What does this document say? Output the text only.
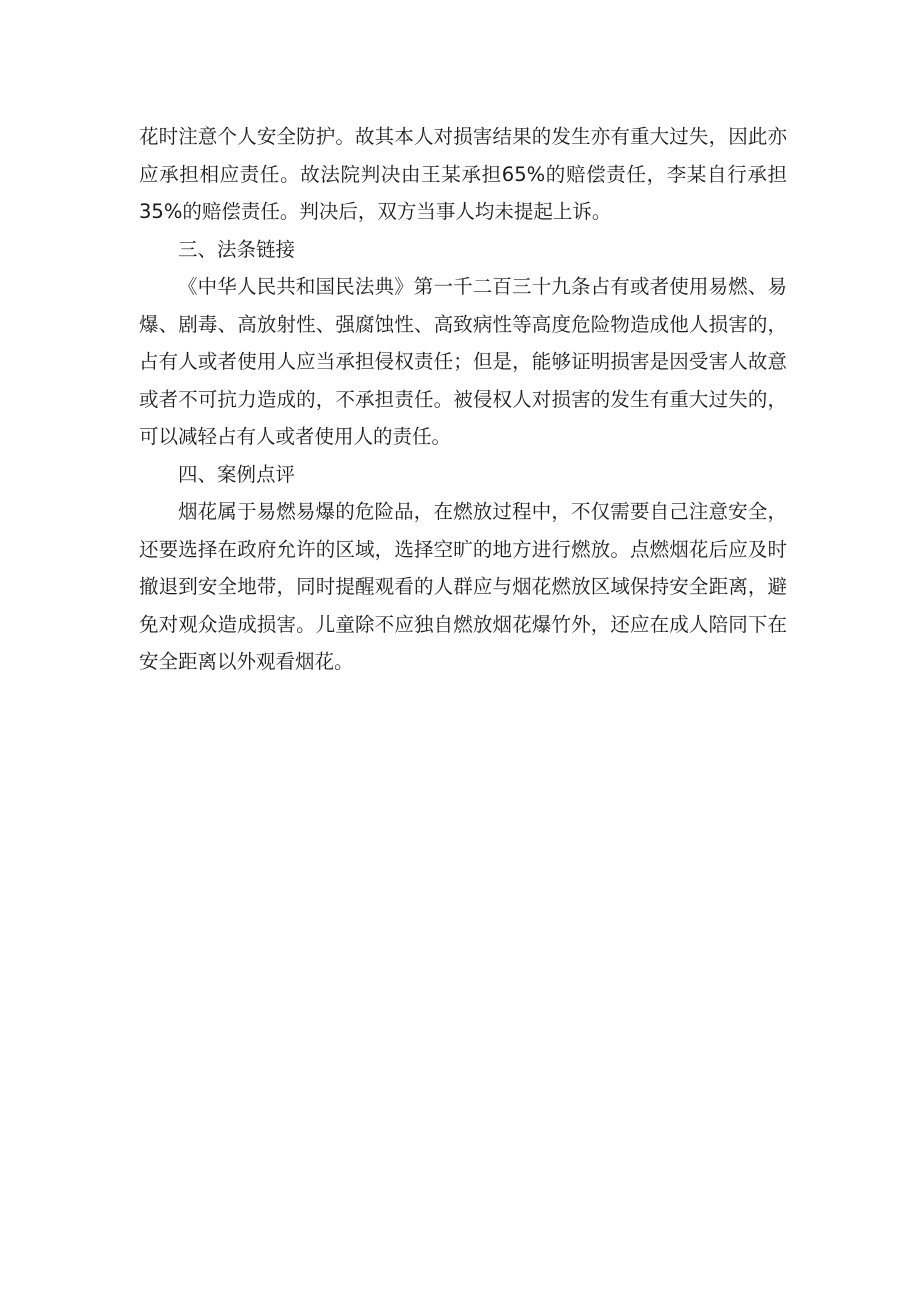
花时注意个人安全防护。故其本人对损害结果的发生亦有重大过失，因此亦应承担相应责任。故法院判决由王某承担65%的赔偿责任，李某自行承担35%的赔偿责任。判决后，双方当事人均未提起上诉。

三、法条链接

《中华人民共和国民法典》第一千二百三十九条占有或者使用易燃、易爆、剧毒、高放射性、强腐蚀性、高致病性等高度危险物造成他人损害的，占有人或者使用人应当承担侵权责任；但是，能够证明损害是因受害人故意或者不可抗力造成的，不承担责任。被侵权人对损害的发生有重大过失的，可以减轻占有人或者使用人的责任。

四、案例点评

烟花属于易燃易爆的危险品，在燃放过程中，不仅需要自己注意安全，还要选择在政府允许的区域，选择空旷的地方进行燃放。点燃烟花后应及时撤退到安全地带，同时提醒观看的人群应与烟花燃放区域保持安全距离，避免对观众造成损害。儿童除不应独自燃放烟花爆竹外，还应在成人陪同下在安全距离以外观看烟花。
